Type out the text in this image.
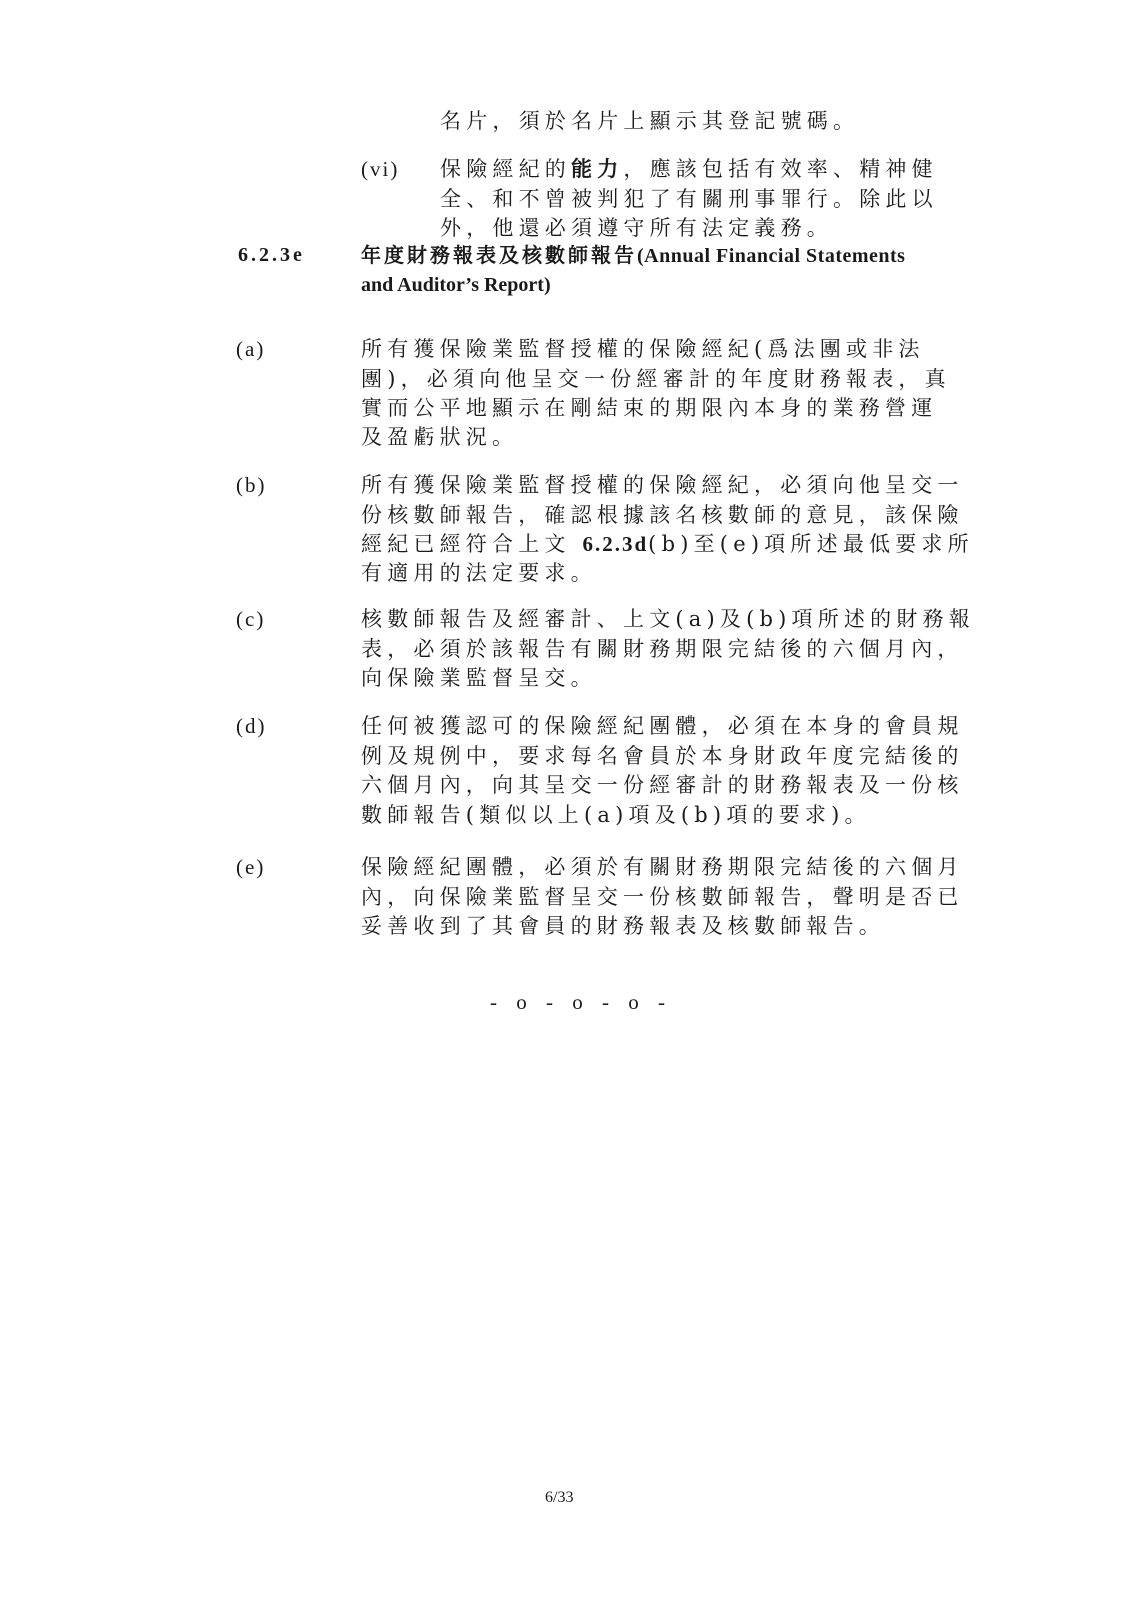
名片，須於名片上顯示其登記號碼。
(vi) 保險經紀的能力，應該包括有效率、精神健
全、和不曾被判犯了有關刑事罪行。除此以
外，他還必須遵守所有法定義務。
6.2.3e	年度財務報表及核數師報告(Annual Financial Statements
and Auditor’s Report)
(a)	所有獲保險業監督授權的保險經紀(爲法團或非法
團)，必須向他呈交一份經審計的年度財務報表，真
實而公平地顯示在剛結束的期限內本身的業務營運
及盈虧狀況。
(b)	所有獲保險業監督授權的保險經紀，必須向他呈交一
份核數師報告，確認根據該名核數師的意見，該保險
經紀已經符合上文 6.2.3d(b)至(e)項所述最低要求所
有適用的法定要求。
(c)	核數師報告及經審計、上文(a)及(b)項所述的財務報
表，必須於該報告有關財務期限完結後的六個月內，
向保險業監督呈交。
(d)	任何被獲認可的保險經紀團體，必須在本身的會員規
例及規例中，要求每名會員於本身財政年度完結後的
六個月內，向其呈交一份經審計的財務報表及一份核
數師報告(類似以上(a)項及(b)項的要求)。
(e)	保險經紀團體，必須於有關財務期限完結後的六個月
內，向保險業監督呈交一份核數師報告，聲明是否已
妥善收到了其會員的財務報表及核數師報告。
- o - o - o -
6/33
